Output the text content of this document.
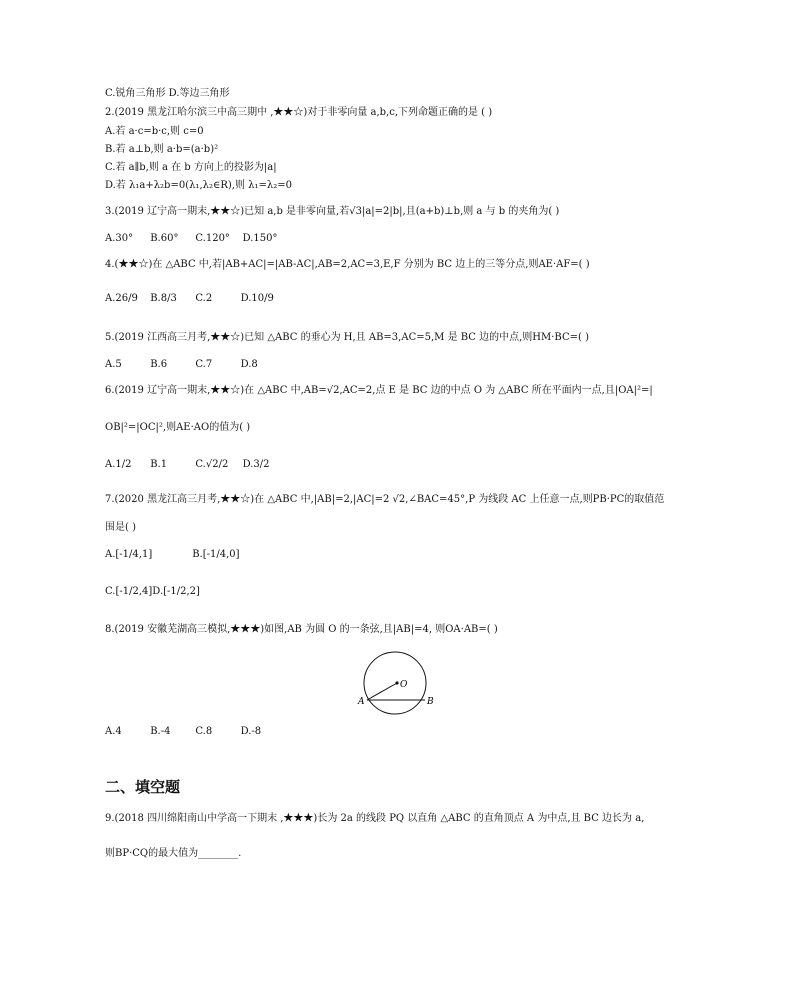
C.锐角三角形 D.等边三角形
2.(2019 黑龙江哈尔滨三中高三期中 ,★★☆)对于非零向量 a,b,c,下列命题正确的是 ( )
A.若 a·c=b·c,则 c=0
B.若 a⊥b,则 a·b=(a·b)²
C.若 a∥b,则 a 在 b 方向上的投影为|a|
D.若 λ₁a+λ₂b=0(λ₁,λ₂∈R),则 λ₁=λ₂=0
3.(2019 辽宁高一期末,★★☆)已知 a,b 是非零向量,若√3|a|=2|b|,且(a+b)⊥b,则 a 与 b 的夹角为( )
A.30° B.60° C.120° D.150°
4.(★★☆)在 △ABC 中,若|AB+AC|=|AB-AC|,AB=2,AC=3,E,F 分别为 BC 边上的三等分点,则AE·AF=( )
A.26/9 B.8/3 C.2	D.10/9
5.(2019 江西高三月考,★★☆)已知 △ABC 的垂心为 H,且 AB=3,AC=5,M 是 BC 边的中点,则HM·BC=( )
A.5	B.6	C.7	D.8
6.(2019 辽宁高一期末,★★☆)在 △ABC 中,AB=√2,AC=2,点 E 是 BC 边的中点 O 为 △ABC 所在平面内一点,且|OA|²=|
OB|²=|OC|²,则AE·AO的值为( )
A.1/2 B.1	C.√2/2 D.3/2
7.(2020 黑龙江高三月考,★★☆)在 △ABC 中,|AB|=2,|AC|=2 √2,∠BAC=45°,P 为线段 AC 上任意一点,则PB·PC的取值范
围是( )
A.[-1/4,1]	B.[-1/4,0]
C.[-1/2,4]D.[-1/2,2]
8.(2019 安徽芜湖高三模拟,★★★)如图,AB 为圆 O 的一条弦,且|AB|=4, 则OA·AB=( )
O
A	B
A.4	B.-4 C.8	D.-8
二、填空题
9.(2018 四川绵阳南山中学高一下期末 ,★★★)长为 2a 的线段 PQ 以直角 △ABC 的直角顶点 A 为中点,且 BC 边长为 a,
则BP·CQ的最大值为________.
